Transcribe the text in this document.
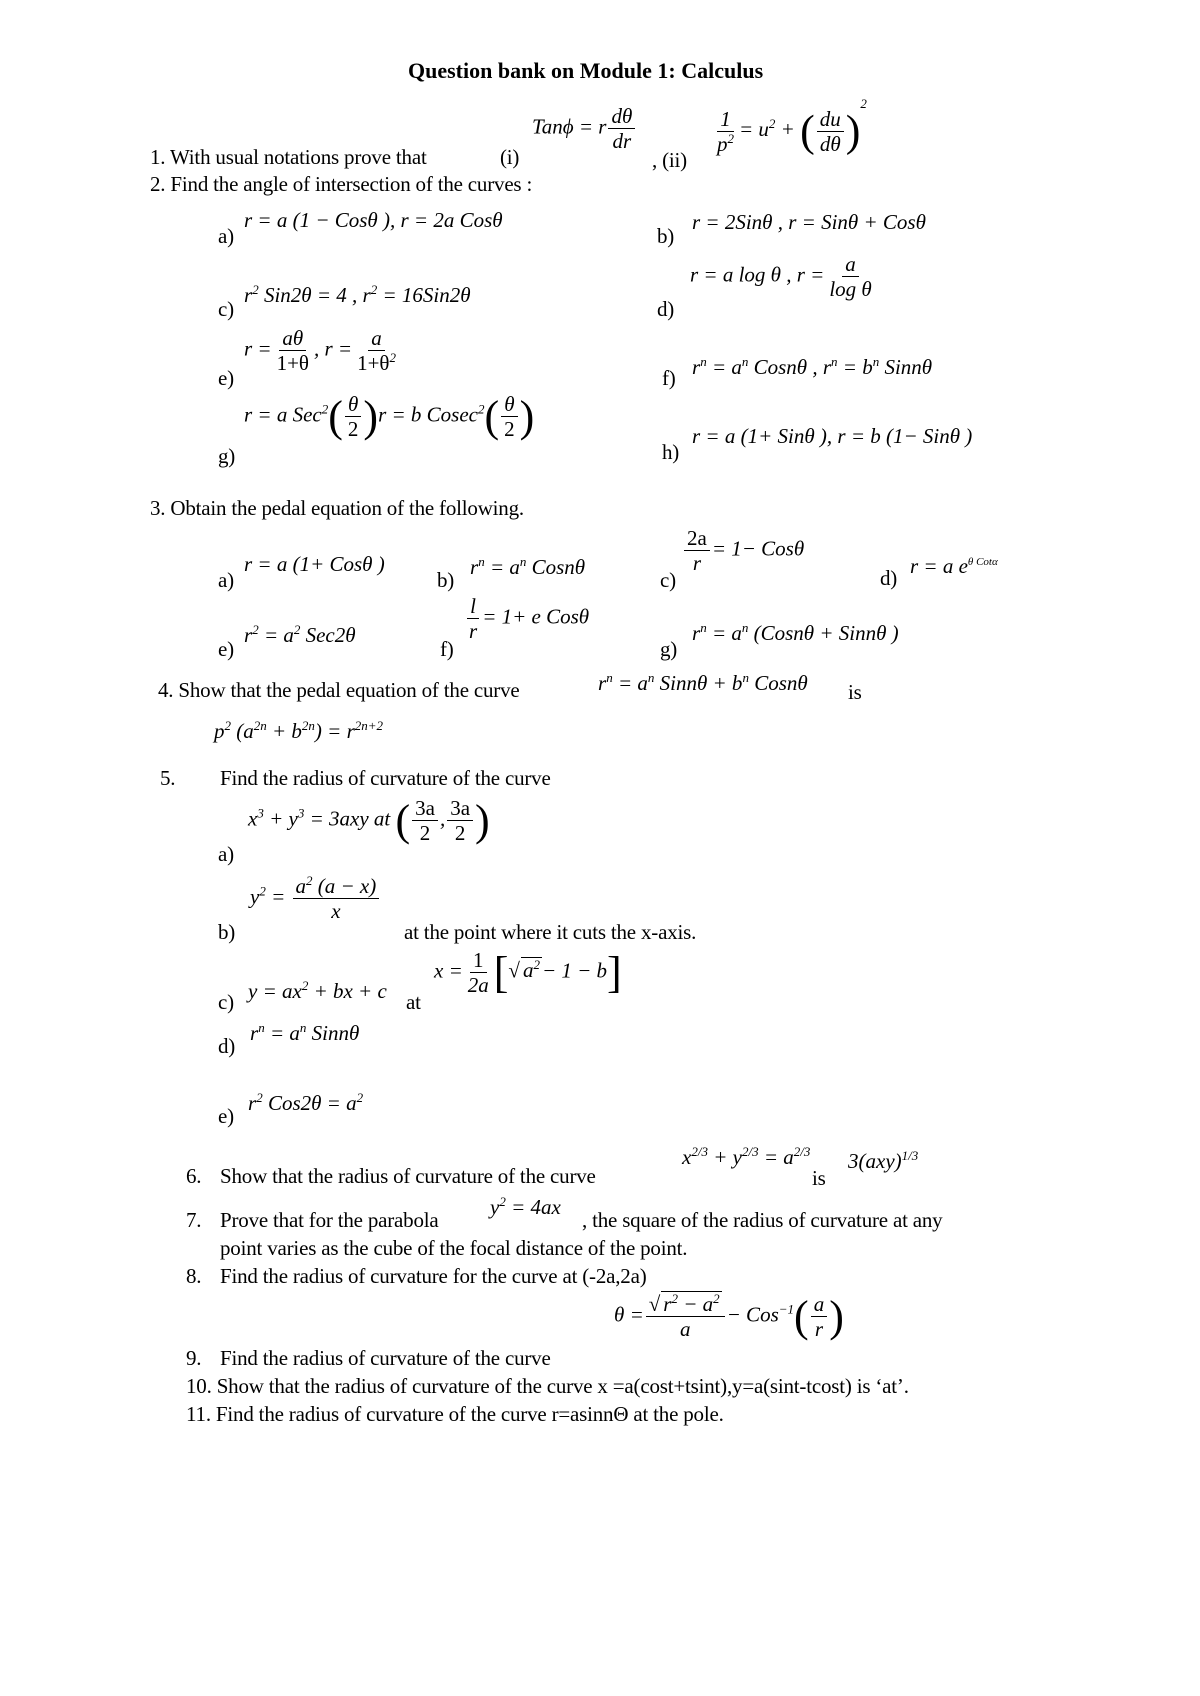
Question bank on Module 1: Calculus
Tanϕ = r $\frac{d\theta}{dr}$	$\frac{1}{p^2} = u^2$ + ( $\frac{du}{d\theta} )^2$
1. With usual notations prove that	(i)	, (ii)
2. Find the angle of intersection of the curves :
a)
r = a (1 − Cosθ ), r = 2a Cosθ
b)
r = 2Sinθ , r = Sinθ + Cosθ
c)
$r^2$ Sin2θ = 4 , $r^2 = 16Sin2\theta$
d)
r = a log θ , $r = \frac{a}{\text{log θ}}$
e)
$r = \frac{a\theta}{1+\theta}$ , $r = \frac{a}{1+\theta^2}$
f) $r^n = a^n$ Cosnθ , $r^n = b^n$ Sinnθ
g)
r = a $Sec^2( \frac{\theta}{2} )r = b$ $Cosec^2( \frac{\theta}{2}$ )
h)
r = a (1+ Sinθ ), r = b (1− Sinθ )
3. Obtain the pedal equation of the following.
a)
r = a (1+ Cosθ )
b)
$r^n = a^n$ Cosnθ
c)
$\frac{2a}{r} = 1- Cos\theta$
d) r = a $e^{\theta Cot\alpha}$
e)
$r^2 = a^2$ Sec2θ
f)
$\frac{l}{r} = 1+ e$ Cosθ
g)
$r^n = a^n$ (Cosnθ + Sinnθ )
4. Show that the pedal equation of the curve	$r^n = a^n$ Sinnθ + $b^n$ Cosnθ is
$p^2$ $(a^{2n} + b^{2n}) = r^{2n+2}$
5. Find the radius of curvature of the curve
a)
$x^3 + y^3 = 3axy$ at ( $\frac{3a}{2}$ , $\frac{3a}{2}$ )
b)
$y^2 = \frac{a^2 (a - x)}{x}$
at the point where it cuts the x-axis.
c) $y = ax^2$ + bx + c at
$x = \frac{1}{2a}$ [√ $a^2- 1 - b$]
d)
$r^n = a^n$ Sinnθ
e)
$r^2$ $Cos2\theta = a^2$
6. Show that the radius of curvature of the curve
$x^{2/3} + y^{2/3} = a^{2/3}$
is
3(axy)$^{1/3}$
7. Prove that for the parabola
$y^2 = 4ax$
, the square of the radius of curvature at any
point varies as the cube of the focal distance of the point.
8. Find the radius of curvature for the curve at (-2a,2a)
$\theta = \frac{√ r^2 - a^2}{a} - Cos^{-1}( \frac{a}{r}$ )
9. Find the radius of curvature of the curve
10. Show that the radius of curvature of the curve x =a(cost+tsint),y=a(sint-tcost) is ‘at’.
11. Find the radius of curvature of the curve r=asinnΘ at the pole.
